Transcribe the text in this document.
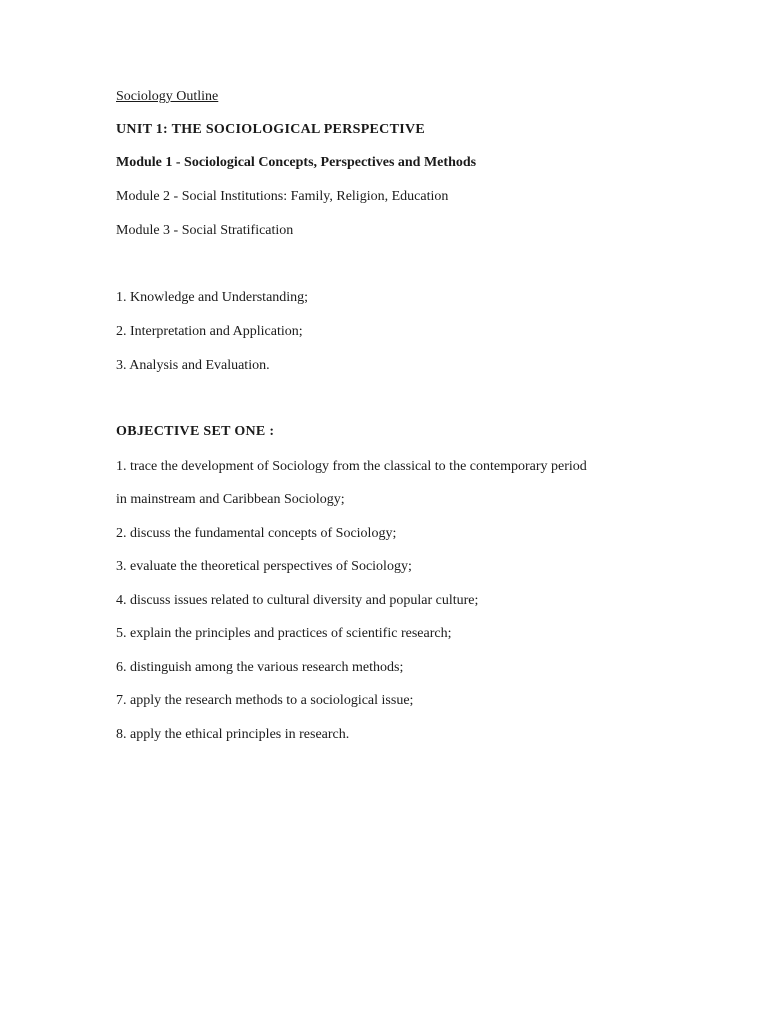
Sociology Outline
UNIT 1: THE SOCIOLOGICAL PERSPECTIVE
Module 1 - Sociological Concepts, Perspectives and Methods
Module 2 - Social Institutions: Family, Religion, Education
Module 3 - Social Stratification
1. Knowledge and Understanding;
2. Interpretation and Application;
3. Analysis and Evaluation.
OBJECTIVE SET ONE :
1. trace the development of Sociology from the classical to the contemporary period
in mainstream and Caribbean Sociology;
2. discuss the fundamental concepts of Sociology;
3. evaluate the theoretical perspectives of Sociology;
4. discuss issues related to cultural diversity and popular culture;
5. explain the principles and practices of scientific research;
6. distinguish among the various research methods;
7. apply the research methods to a sociological issue;
8. apply the ethical principles in research.
